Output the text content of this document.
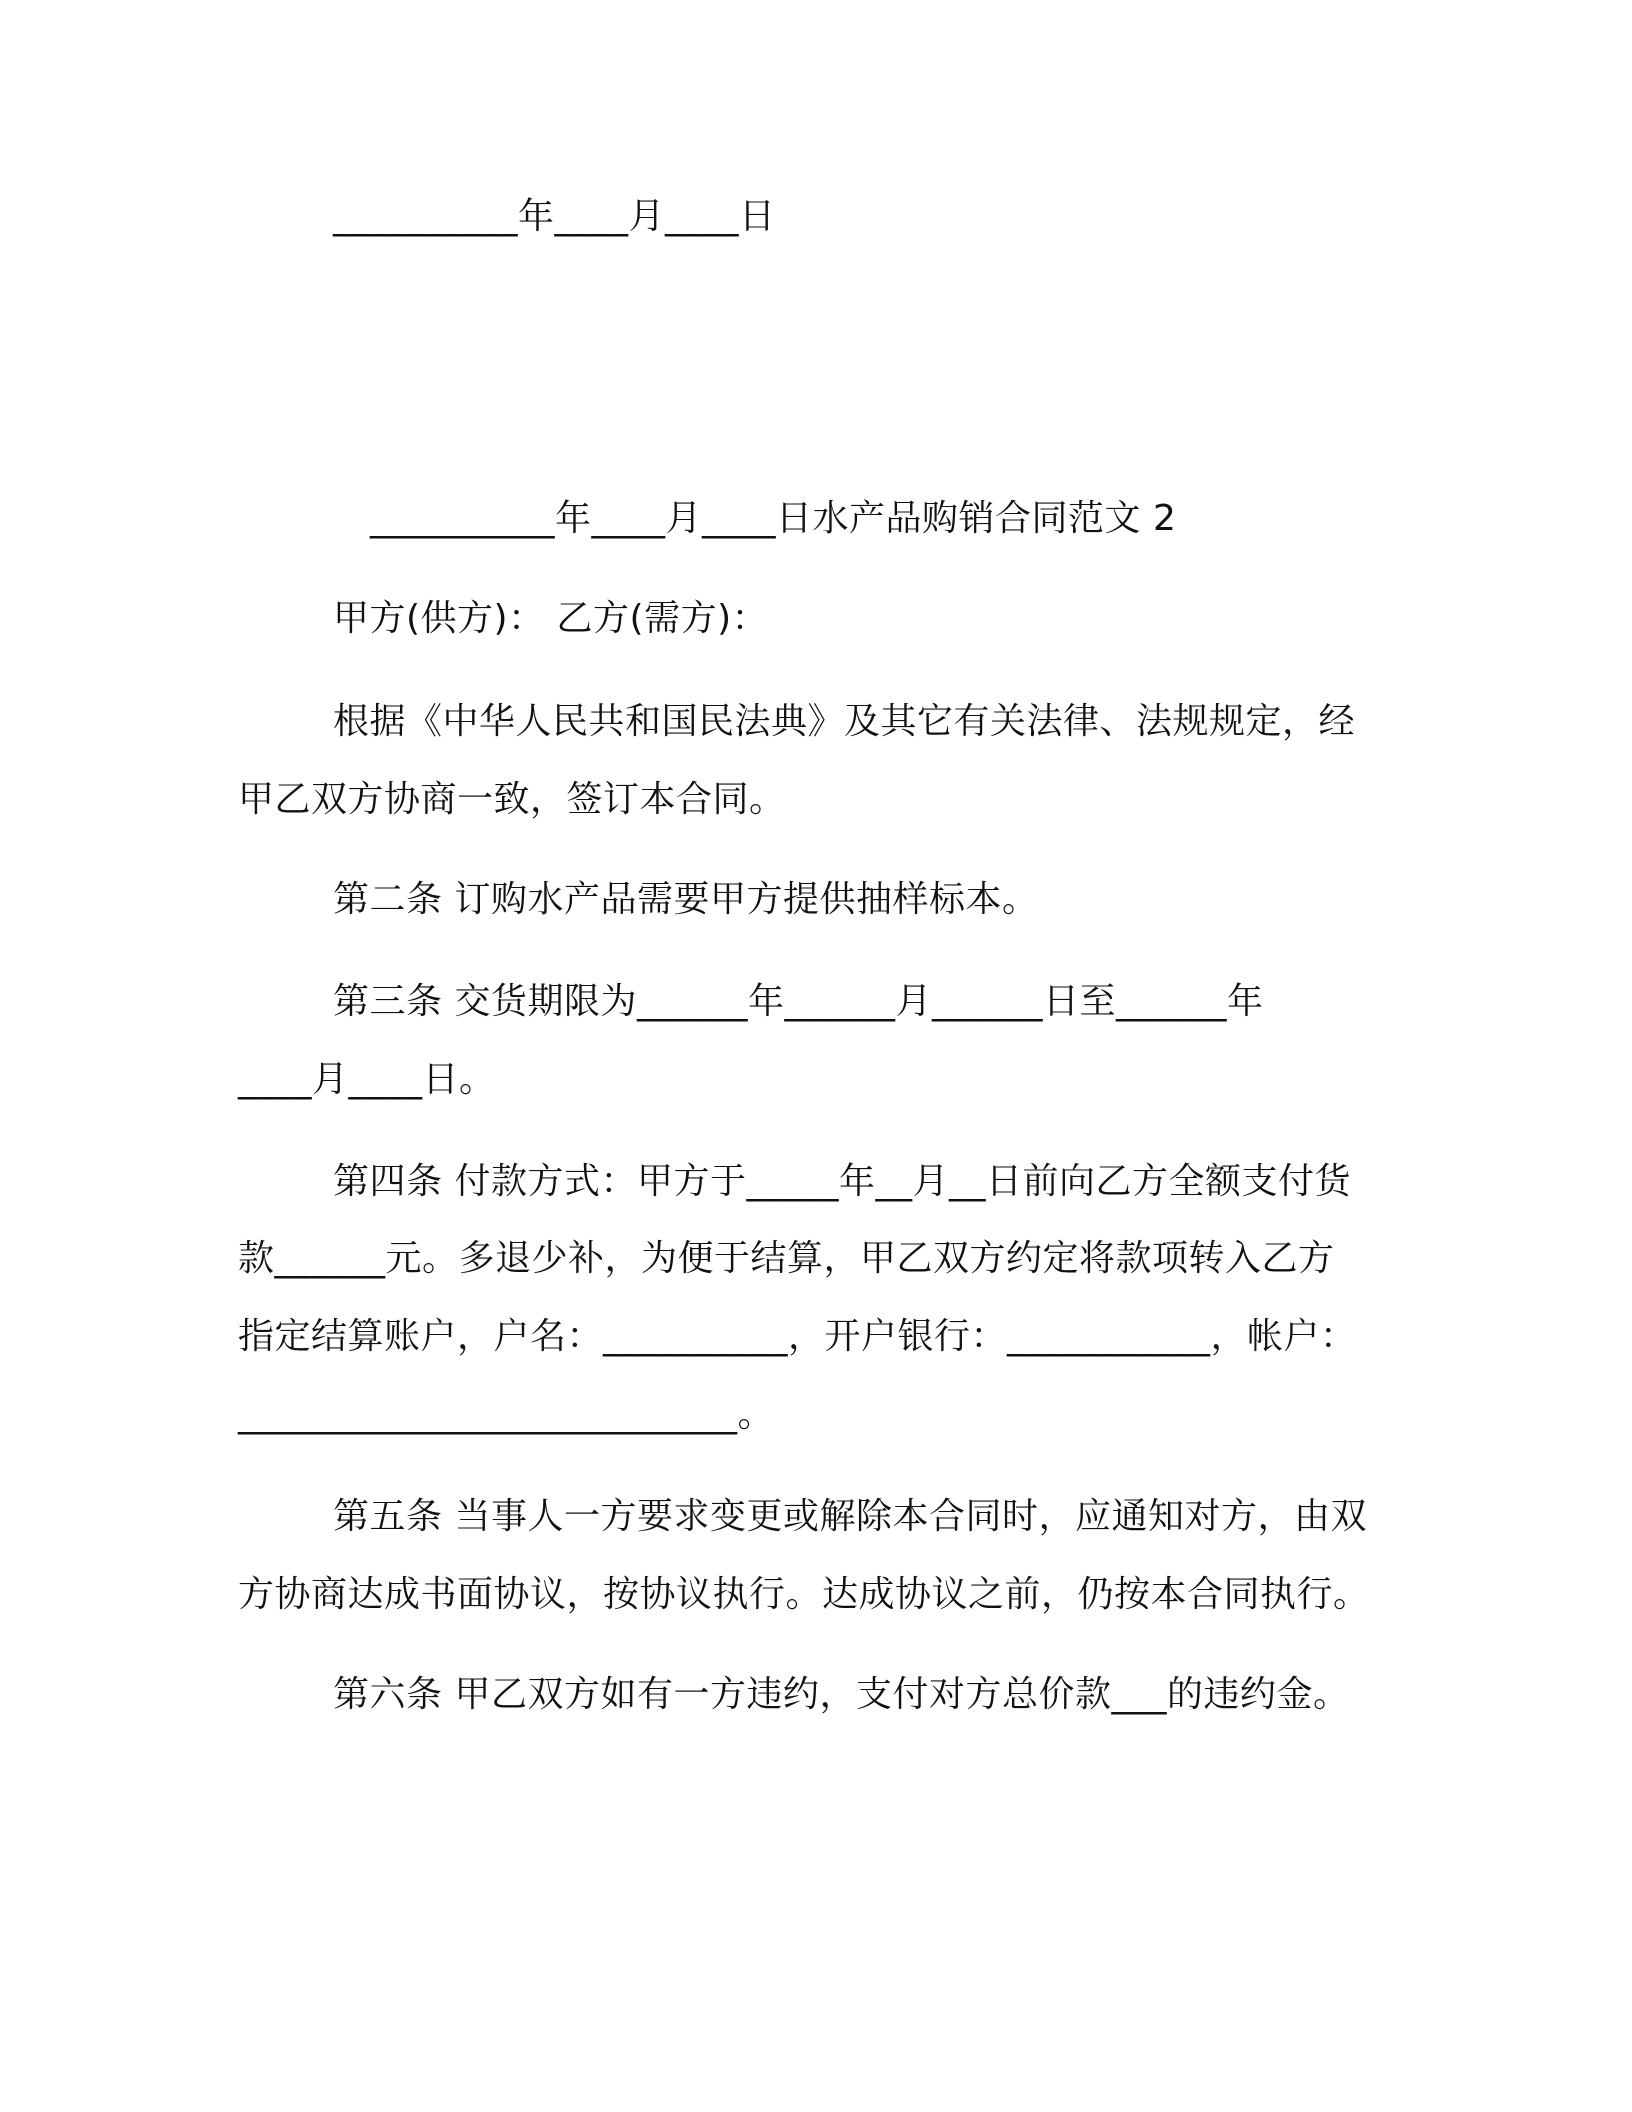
__________年____月____日
__________年____月____日水产品购销合同范文 2
甲方(供方)： 乙方(需方)：
根据《中华人民共和国民法典》及其它有关法律、法规规定，经
甲乙双方协商一致，签订本合同。
第二条 订购水产品需要甲方提供抽样标本。
第三条 交货期限为______年______月______日至______年
____月____日。
第四条 付款方式：甲方于_____年__月__日前向乙方全额支付货
款______元。多退少补，为便于结算，甲乙双方约定将款项转入乙方
指定结算账户，户名：__________，开户银行：___________，帐户：
___________________________。
第五条 当事人一方要求变更或解除本合同时，应通知对方，由双
方协商达成书面协议，按协议执行。达成协议之前，仍按本合同执行。
第六条 甲乙双方如有一方违约，支付对方总价款___的违约金。
